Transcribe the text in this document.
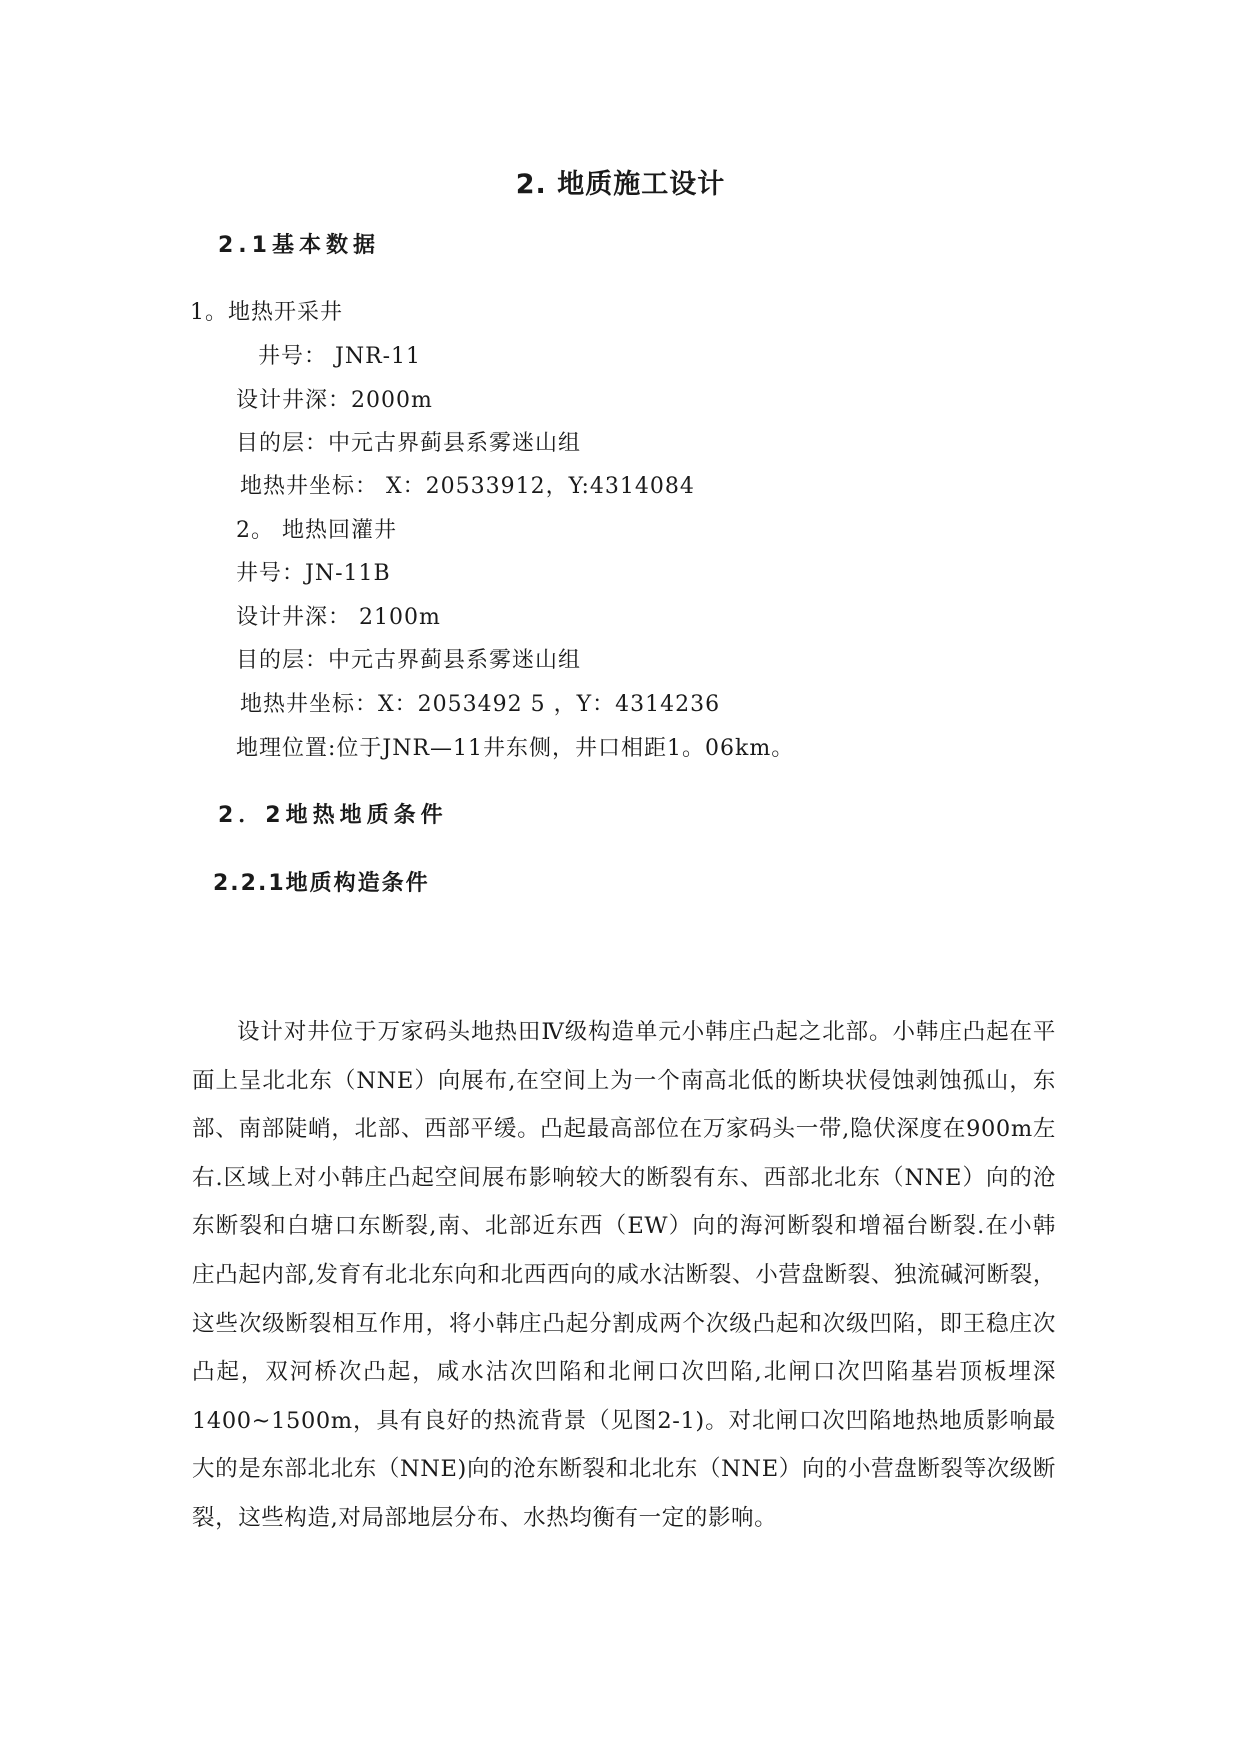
2. 地质施工设计
2.1基本数据
1。地热开采井
井号： JNR-11
设计井深：2000m
目的层：中元古界蓟县系雾迷山组
地热井坐标： X：20533912，Y:4314084
2。 地热回灌井
井号：JN-11B
设计井深： 2100m
目的层：中元古界蓟县系雾迷山组
地热井坐标：X：2053492 5 ，Y：4314236
地理位置:位于JNR—11井东侧，井口相距1。06km。
2．2地热地质条件
2.2.1地质构造条件
设计对井位于万家码头地热田Ⅳ级构造单元小韩庄凸起之北部。小韩庄凸起在平面上呈北北东（NNE）向展布,在空间上为一个南高北低的断块状侵蚀剥蚀孤山，东部、南部陡峭，北部、西部平缓。凸起最高部位在万家码头一带,隐伏深度在900m左右.区域上对小韩庄凸起空间展布影响较大的断裂有东、西部北北东（NNE）向的沧东断裂和白塘口东断裂,南、北部近东西（EW）向的海河断裂和增福台断裂.在小韩庄凸起内部,发育有北北东向和北西西向的咸水沽断裂、小营盘断裂、独流碱河断裂，这些次级断裂相互作用，将小韩庄凸起分割成两个次级凸起和次级凹陷，即王稳庄次凸起，双河桥次凸起，咸水沽次凹陷和北闸口次凹陷,北闸口次凹陷基岩顶板埋深1400~1500m，具有良好的热流背景（见图2-1)。对北闸口次凹陷地热地质影响最大的是东部北北东（NNE)向的沧东断裂和北北东（NNE）向的小营盘断裂等次级断裂，这些构造,对局部地层分布、水热均衡有一定的影响。
